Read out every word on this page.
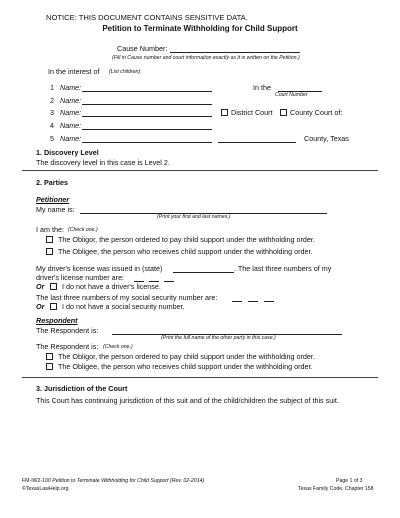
NOTICE: THIS DOCUMENT CONTAINS SENSITIVE DATA.
Petition to Terminate Withholding for Child Support
Cause Number:
(Fill in Cause number and court information exactly as it is written on the Petition.)
In the interest of (List children):
1 Name:
2 Name:
3 Name:
4 Name:
5 Name:
In the
Court Number
District Court County Court of:
County, Texas
1. Discovery Level
The discovery level in this case is Level 2.
2. Parties
Petitioner
My name is:
(Print your first and last names.)
I am the: (Check one.)
The Obligor, the person ordered to pay child support under the withholding order.
The Obligee, the person who receives child support under the withholding order.
My driver's license was issued in (state)	. The last three numbers of my
driver's license number are:
Or I do not have a driver's license.
The last three numbers of my social security number are:
Or I do not have a social security number.
Respondent
The Respondent is:
(Print the full name of the other party in this case.)
The Respondent is: (Check one.)
The Obligor, the person ordered to pay child support under the withholding order.
The Obligee, the person who receives child support under the withholding order.
3. Jurisdiction of the Court
This Court has continuing jurisdiction of this suit and of the child/children the subject of this suit.
FM-IW2-100 Petition to Terminate Withholding for Child Support (Rev. 02-2014)
©TexasLawHelp.org
Page 1 of 3
Texas Family Code, Chapter 158
